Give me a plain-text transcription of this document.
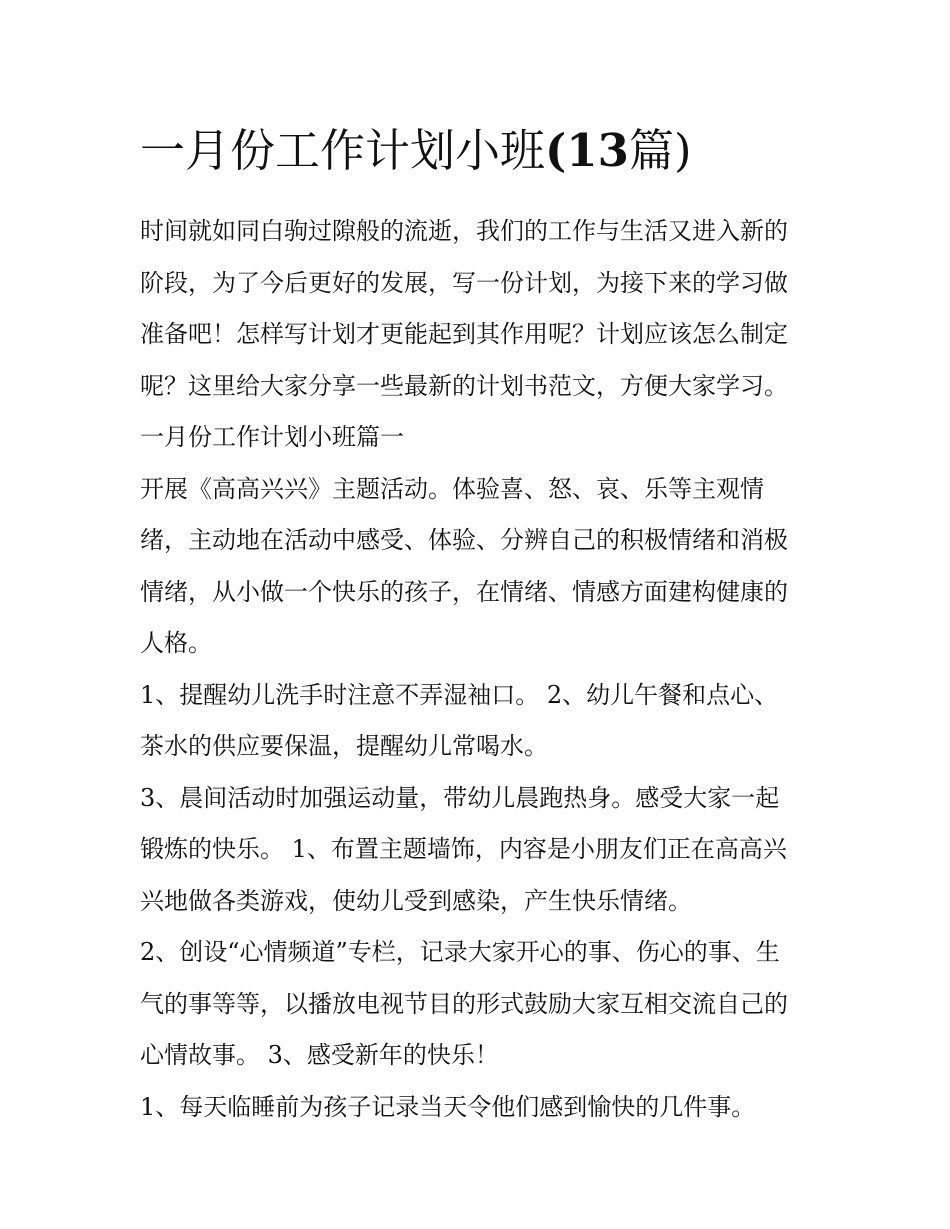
一月份工作计划小班(13篇)
时间就如同白驹过隙般的流逝，我们的工作与生活又进入新的
阶段，为了今后更好的发展，写一份计划，为接下来的学习做
准备吧！怎样写计划才更能起到其作用呢？计划应该怎么制定
呢？这里给大家分享一些最新的计划书范文，方便大家学习。
一月份工作计划小班篇一
开展《高高兴兴》主题活动。体验喜、怒、哀、乐等主观情
绪，主动地在活动中感受、体验、分辨自己的积极情绪和消极
情绪，从小做一个快乐的孩子，在情绪、情感方面建构健康的
人格。
1、提醒幼儿洗手时注意不弄湿袖口。 2、幼儿午餐和点心、
茶水的供应要保温，提醒幼儿常喝水。
3、晨间活动时加强运动量，带幼儿晨跑热身。感受大家一起
锻炼的快乐。 1、布置主题墙饰，内容是小朋友们正在高高兴
兴地做各类游戏，使幼儿受到感染，产生快乐情绪。
2、创设“心情频道”专栏，记录大家开心的事、伤心的事、生
气的事等等，以播放电视节目的形式鼓励大家互相交流自己的
心情故事。 3、感受新年的快乐！
1、每天临睡前为孩子记录当天令他们感到愉快的几件事。
